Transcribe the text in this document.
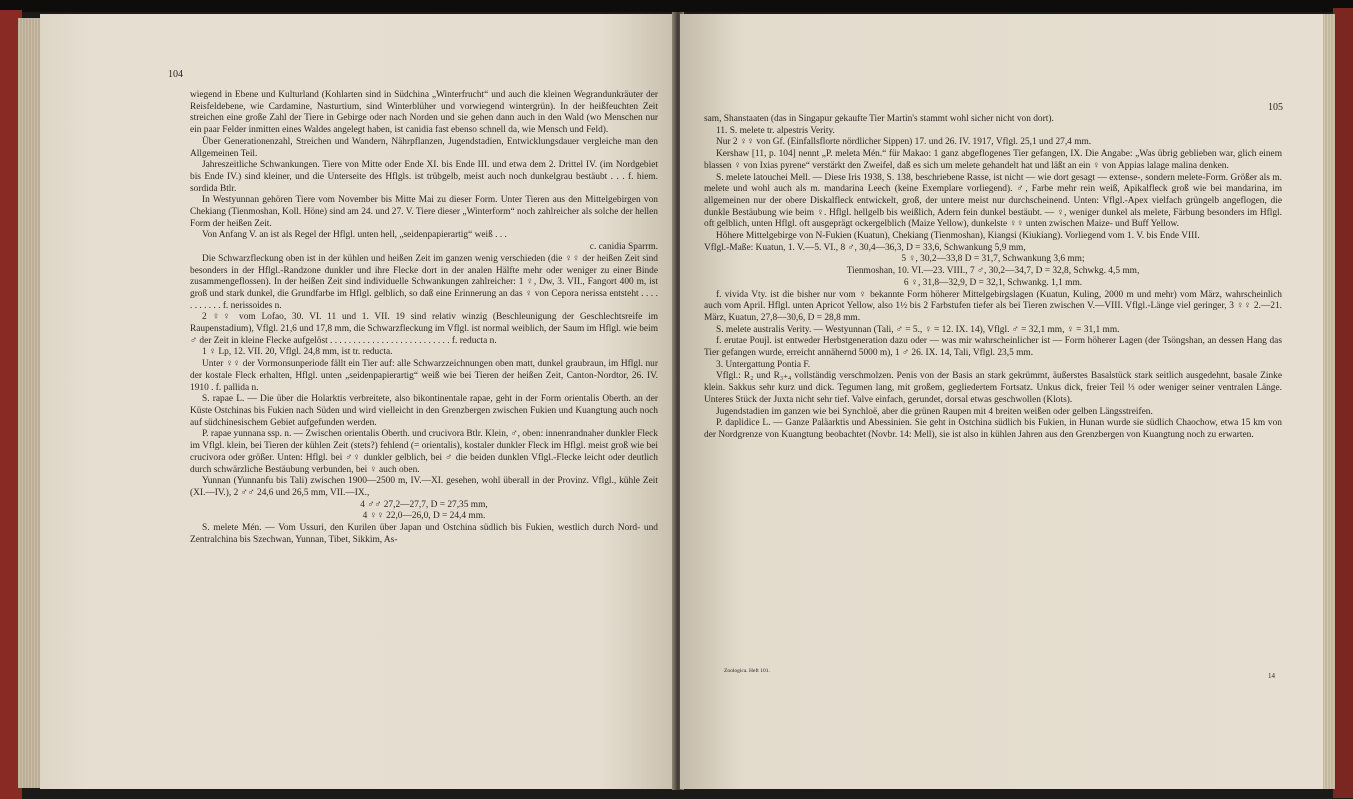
104

wiegend in Ebene und Kulturland (Kohlarten sind in Südchina „Winterfrucht“ und auch die kleinen Wegrandunkräuter der Reisfeldebene, wie Cardamine, Nasturtium, sind Winterblüher und vorwiegend wintergrün). In der heißfeuchten Zeit streichen eine große Zahl der Tiere in Gebirge oder nach Norden und sie gehen dann auch in den Wald (wo Menschen nur ein paar Felder inmitten eines Waldes angelegt haben, ist canidia fast ebenso schnell da, wie Mensch und Feld).

Über Generationenzahl, Streichen und Wandern, Nährpflanzen, Jugendstadien, Entwicklungsdauer vergleiche man den Allgemeinen Teil.

Jahreszeitliche Schwankungen. Tiere von Mitte oder Ende XI. bis Ende III. und etwa dem 2. Drittel IV. (im Nordgebiet bis Ende IV.) sind kleiner, und die Unterseite des Hflgls. ist trübgelb, meist auch noch dunkelgrau bestäubt . . . f. hiem. sordida Btlr.

In Westyunnan gehören Tiere vom November bis Mitte Mai zu dieser Form. Unter Tieren aus den Mittelgebirgen von Chekiang (Tienmoshan, Koll. Höne) sind am 24. und 27. V. Tiere dieser „Winterform“ noch zahlreicher als solche der hellen Form der heißen Zeit.

Von Anfang V. an ist als Regel der Hflgl. unten hell, „seidenpapierartig“ weiß . . .

c. canidia Sparrm.

Die Schwarzfleckung oben ist in der kühlen und heißen Zeit im ganzen wenig verschieden (die ♀♀ der heißen Zeit sind besonders in der Hflgl.-Randzone dunkler und ihre Flecke dort in der analen Hälfte mehr oder weniger zu einer Binde zusammengeflossen). In der heißen Zeit sind individuelle Schwankungen zahlreicher: 1 ♀, Dw, 3. VII., Fangort 400 m, ist groß und stark dunkel, die Grundfarbe im Hflgl. gelblich, so daß eine Erinnerung an das ♀ von Cepora nerissa entsteht . . . . . . . . . . . f. nerissoides n.

2 ♀♀ vom Lofao, 30. VI. 11 und 1. VII. 19 sind relativ winzig (Beschleunigung der Geschlechtsreife im Raupenstadium), Vflgl. 21,6 und 17,8 mm, die Schwarzfleckung im Vflgl. ist normal weiblich, der Saum im Hflgl. wie beim ♂ der Zeit in kleine Flecke aufgelöst . . . . . . . . . . . . . . . . . . . . . . . . . . f. reducta n.

1 ♀ Lp, 12. VII. 20, Vflgl. 24,8 mm, ist tr. reducta.

Unter ♀♀ der Vormonsunperiode fällt ein Tier auf: alle Schwarzzeichnungen oben matt, dunkel graubraun, im Hflgl. nur der kostale Fleck erhalten, Hflgl. unten „seidenpapierartig“ weiß wie bei Tieren der heißen Zeit, Canton-Nordtor, 26. IV. 1910 . f. pallida n.

S. rapae L. — Die über die Holarktis verbreitete, also bikontinentale rapae, geht in der Form orientalis Oberth. an der Küste Ostchinas bis Fukien nach Süden und wird vielleicht in den Grenzbergen zwischen Fukien und Kuangtung auch noch auf südchinesischem Gebiet aufgefunden werden.

P. rapae yunnana ssp. n. — Zwischen orientalis Oberth. und crucivora Btlr. Klein, ♂, oben: innenrandnaher dunkler Fleck im Vflgl. klein, bei Tieren der kühlen Zeit (stets?) fehlend (= orientalis), kostaler dunkler Fleck im Hflgl. meist groß wie bei crucivora oder größer. Unten: Hflgl. bei ♂♀ dunkler gelblich, bei ♂ die beiden dunklen Vflgl.-Flecke leicht oder deutlich durch schwärzliche Bestäubung verbunden, bei ♀ auch oben.

Yunnan (Yunnanfu bis Tali) zwischen 1900—2500 m, IV.—XI. gesehen, wohl überall in der Provinz. Vflgl., kühle Zeit (XI.—IV.), 2 ♂♂ 24,6 und 26,5 mm, VII.—IX.,

4 ♂♂ 27,2—27,7, D = 27,35 mm,

4 ♀♀ 22,0—26,0, D = 24,4 mm.

S. melete Mén. — Vom Ussuri, den Kurilen über Japan und Ostchina südlich bis Fukien, westlich durch Nord- und Zentralchina bis Szechwan, Yunnan, Tibet, Sikkim, As-

105

sam, Shanstaaten (das in Singapur gekaufte Tier Martin's stammt wohl sicher nicht von dort).

11. S. melete tr. alpestris Verity.

Nur 2 ♀♀ von Gf. (Einfallsflorte nördlicher Sippen) 17. und 26. IV. 1917, Vflgl. 25,1 und 27,4 mm.

Kershaw [11, p. 104] nennt „P. meleta Mén.“ für Makao: 1 ganz abgeflogenes Tier gefangen, IX. Die Angabe: „Was übrig geblieben war, glich einem blassen ♀ von Ixias pyrene“ verstärkt den Zweifel, daß es sich um melete gehandelt hat und läßt an ein ♀ von Appias lalage malina denken.

S. melete latouchei Mell. — Diese Iris 1938, S. 138, beschriebene Rasse, ist nicht — wie dort gesagt — extense-, sondern melete-Form. Größer als m. melete und wohl auch als m. mandarina Leech (keine Exemplare vorliegend). ♂, Farbe mehr rein weiß, Apikalfleck groß wie bei mandarina, im allgemeinen nur der obere Diskalfleck entwickelt, groß, der untere meist nur durchscheinend. Unten: Vflgl.-Apex vielfach grüngelb angeflogen, die dunkle Bestäubung wie beim ♀. Hflgl. hellgelb bis weißlich, Adern fein dunkel bestäubt. — ♀, weniger dunkel als melete, Färbung besonders im Hflgl. oft gelblich, unten Hflgl. oft ausgeprägt ockergelblich (Maize Yellow), dunkelste ♀♀ unten zwischen Maize- und Buff Yellow.

Höhere Mittelgebirge von N-Fukien (Kuatun), Chekiang (Tienmoshan), Kiangsi (Kiukiang). Vorliegend vom 1. V. bis Ende VIII.

Vflgl.-Maße: Kuatun, 1. V.—5. VI., 8 ♂, 30,4—36,3, D = 33,6, Schwankung 5,9 mm,

5 ♀, 30,2—33,8 D = 31,7, Schwankung 3,6 mm;

Tienmoshan, 10. VI.—23. VIII., 7 ♂, 30,2—34,7, D = 32,8, Schwkg. 4,5 mm,

6 ♀, 31,8—32,9, D = 32,1, Schwankg. 1,1 mm.

f. vivida Vty. ist die bisher nur vom ♀ bekannte Form höherer Mittelgebirgslagen (Kuatun, Kuling, 2000 m und mehr) vom März, wahrscheinlich auch vom April. Hflgl. unten Apricot Yellow, also 1½ bis 2 Farbstufen tiefer als bei Tieren zwischen V.—VIII. Vflgl.-Länge viel geringer, 3 ♀♀ 2.—21. März, Kuatun, 27,8—30,6, D = 28,8 mm.

S. melete australis Verity. — Westyunnan (Tali, ♂ = 5., ♀ = 12. IX. 14), Vflgl. ♂ = 32,1 mm, ♀ = 31,1 mm.

f. erutae Poujl. ist entweder Herbstgeneration dazu oder — was mir wahrscheinlicher ist — Form höherer Lagen (der Tsöngshan, an dessen Hang das Tier gefangen wurde, erreicht annähernd 5000 m), 1 ♂ 26. IX. 14, Tali, Vflgl. 23,5 mm.

3. Untergattung Pontia F.

Vflgl.: R₂ und R₃₊₄ vollständig verschmolzen. Penis von der Basis an stark gekrümmt, äußerstes Basalstück stark seitlich ausgedehnt, basale Zinke klein. Sakkus sehr kurz und dick. Tegumen lang, mit großem, gegliedertem Fortsatz. Unkus dick, freier Teil ⅓ oder weniger seiner ventralen Länge. Unteres Stück der Juxta nicht sehr tief. Valve einfach, gerundet, dorsal etwas geschwollen (Klots).

Jugendstadien im ganzen wie bei Synchloë, aber die grünen Raupen mit 4 breiten weißen oder gelben Längsstreifen.

P. daplidice L. — Ganze Paläarktis und Abessinien. Sie geht in Ostchina südlich bis Fukien, in Hunan wurde sie südlich Chaochow, etwa 15 km von der Nordgrenze von Kuangtung beobachtet (Novbr. 14: Mell), sie ist also in kühlen Jahren aus den Grenzbergen von Kuangtung noch zu erwarten.

Zoologica. Heft 101.
14
